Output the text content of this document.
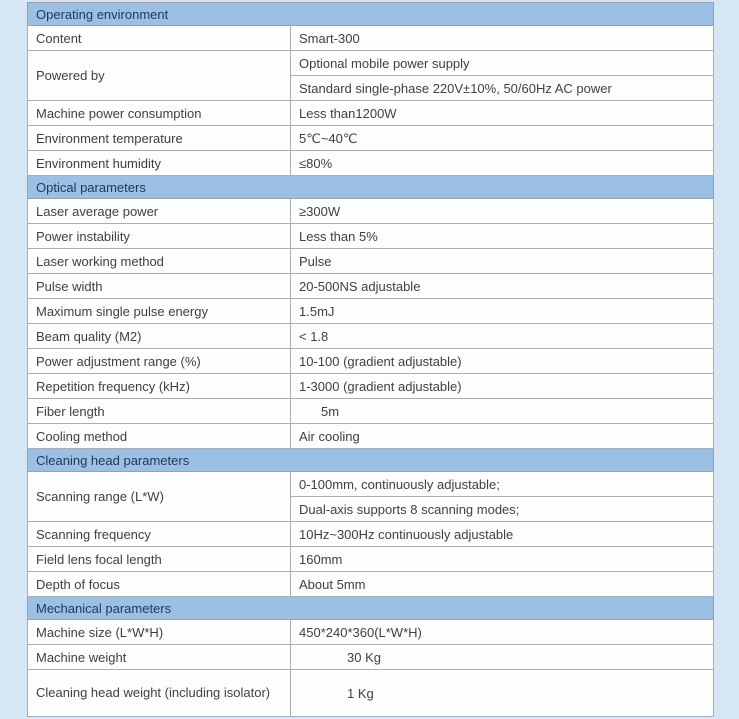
Operating environment	
Content	Smart-300
Powered by	Optional mobile power supply
	Standard single-phase 220V±10%, 50/60Hz AC power
Machine power consumption	Less than1200W
Environment temperature	5℃~40℃
Environment humidity	≤80%
Optical parameters	
Laser average power	≥300W
Power instability	Less than 5%
Laser working method	Pulse
Pulse width	20-500NS adjustable
Maximum single pulse energy	1.5mJ
Beam quality (M2)	< 1.8
Power adjustment range (%)	10-100 (gradient adjustable)
Repetition frequency (kHz)	1-3000 (gradient adjustable)
Fiber length	5m
Cooling method	Air cooling
Cleaning head parameters	
Scanning range (L*W)	0-100mm, continuously adjustable;
	Dual-axis supports 8 scanning modes;
Scanning frequency	10Hz~300Hz continuously adjustable
Field lens focal length	160mm
Depth of focus	About 5mm
Mechanical parameters	
Machine size (L*W*H)	450*240*360(L*W*H)
Machine weight	30 Kg
Cleaning head weight (including isolator)	1 Kg
